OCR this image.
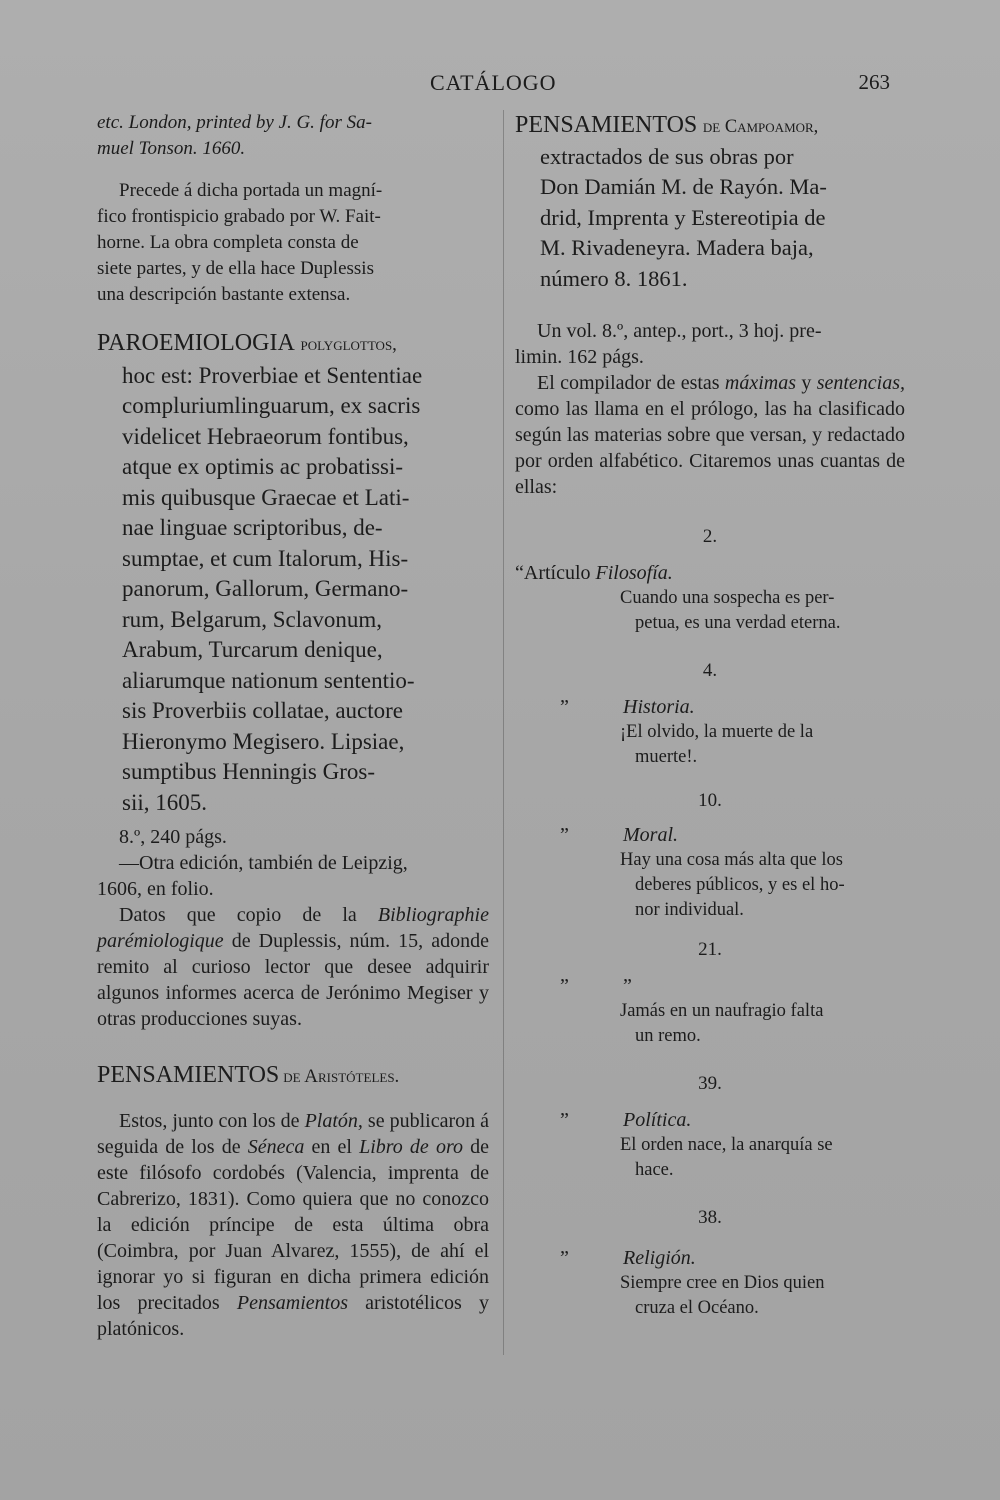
CATÁLOGO	263

etc. London, printed by J. G. for Sa-
muel Tonson. 1660.

Precede á dicha portada un magní-
fico frontispicio grabado por W. Fait-
horne. La obra completa consta de
siete partes, y de ella hace Duplessis
una descripción bastante extensa.

PAROEMIOLOGIA polyglottos,
hoc est: Proverbiae et Sententiae
compluriumlinguarum, ex sacris
videlicet Hebraeorum fontibus,
atque ex optimis ac probatissi-
mis quibusque Graecae et Lati-
nae linguae scriptoribus, de-
sumptae, et cum Italorum, His-
panorum, Gallorum, Germano-
rum, Belgarum, Sclavonum,
Arabum, Turcarum denique,
aliarumque nationum sententio-
sis Proverbiis collatae, auctore
Hieronymo Megisero. Lipsiae,
sumptibus Henningis Gros-
sii, 1605.

8.º, 240 págs.

—Otra edición, también de Leipzig,
1606, en folio.

Datos que copio de la Bibliographie parémiologique de Duplessis, núm. 15, adonde remito al curioso lector que desee adquirir algunos informes acerca de Jerónimo Megiser y otras producciones suyas.

PENSAMIENTOS de Aristóteles.

Estos, junto con los de Platón, se publicaron á seguida de los de Séneca en el Libro de oro de este filósofo cordobés (Valencia, imprenta de Cabrerizo, 1831). Como quiera que no conozco la edición príncipe de esta última obra (Coimbra, por Juan Alvarez, 1555), de ahí el ignorar yo si figuran en dicha primera edición los precitados Pensamientos aristotélicos y platónicos.

PENSAMIENTOS de Campoamor,
extractados de sus obras por
Don Damián M. de Rayón. Ma-
drid, Imprenta y Estereotipia de
M. Rivadeneyra. Madera baja,
número 8. 1861.

Un vol. 8.º, antep., port., 3 hoj. pre-
limin. 162 págs.

El compilador de estas máximas y sentencias, como las llama en el prólogo, las ha clasificado según las materias sobre que versan, y redactado por orden alfabético. Citaremos unas cuantas de ellas:

2.
“Artículo Filosofía.
Cuando una sospecha es per-
petua, es una verdad eterna.
4.
”	Historia.
¡El olvido, la muerte de la
muerte!.
10.
”	Moral.
Hay una cosa más alta que los
deberes públicos, y es el ho-
nor individual.
21.
”	”
Jamás en un naufragio falta
un remo.
39.
”	Política.
El orden nace, la anarquía se
hace.
38.
”	Religión.
Siempre cree en Dios quien
cruza el Océano.
